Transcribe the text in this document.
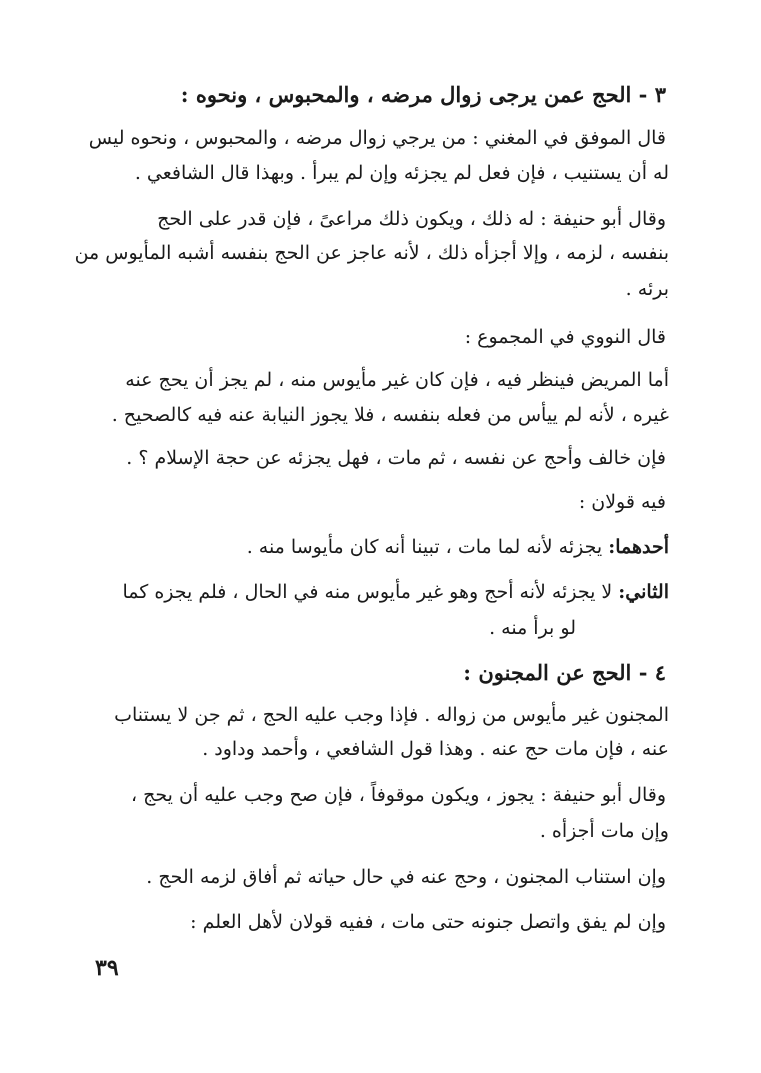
٣ - الحج عمن يرجى زوال مرضه ، والمحبوس ، ونحوه :
قال الموفق في المغني : من يرجي زوال مرضه ، والمحبوس ، ونحوه ليس
له أن يستنيب ، فإن فعل لم يجزئه وإن لم يبرأ . وبهذا قال الشافعي .
وقال أبو حنيفة : له ذلك ، ويكون ذلك مراعىً ، فإن قدر على الحج
بنفسه ، لزمه ، وإلا أجزأه ذلك ، لأنه عاجز عن الحج بنفسه أشبه المأيوس من
برئه .
قال النووي في المجموع :
أما المريض فينظر فيه ، فإن كان غير مأيوس منه ، لم يجز أن يحج عنه
غيره ، لأنه لم ييأس من فعله بنفسه ، فلا يجوز النيابة عنه فيه كالصحيح .
فإن خالف وأحج عن نفسه ، ثم مات ، فهل يجزئه عن حجة الإسلام ؟ .
فيه قولان :
أحدهما:يجزئه لأنه لما مات ، تبينا أنه كان مأيوسا منه .
الثاني:لا يجزئه لأنه أحج وهو غير مأيوس منه في الحال ، فلم يجزه كما
لو برأ منه .
٤ - الحج عن المجنون :
المجنون غير مأيوس من زواله . فإذا وجب عليه الحج ، ثم جن لا يستناب
عنه ، فإن مات حج عنه . وهذا قول الشافعي ، وأحمد وداود .
وقال أبو حنيفة : يجوز ، ويكون موقوفاً ، فإن صح وجب عليه أن يحج ،
وإن مات أجزأه .
وإن استناب المجنون ، وحج عنه في حال حياته ثم أفاق لزمه الحج .
وإن لم يفق واتصل جنونه حتى مات ، ففيه قولان لأهل العلم :
٣٩
